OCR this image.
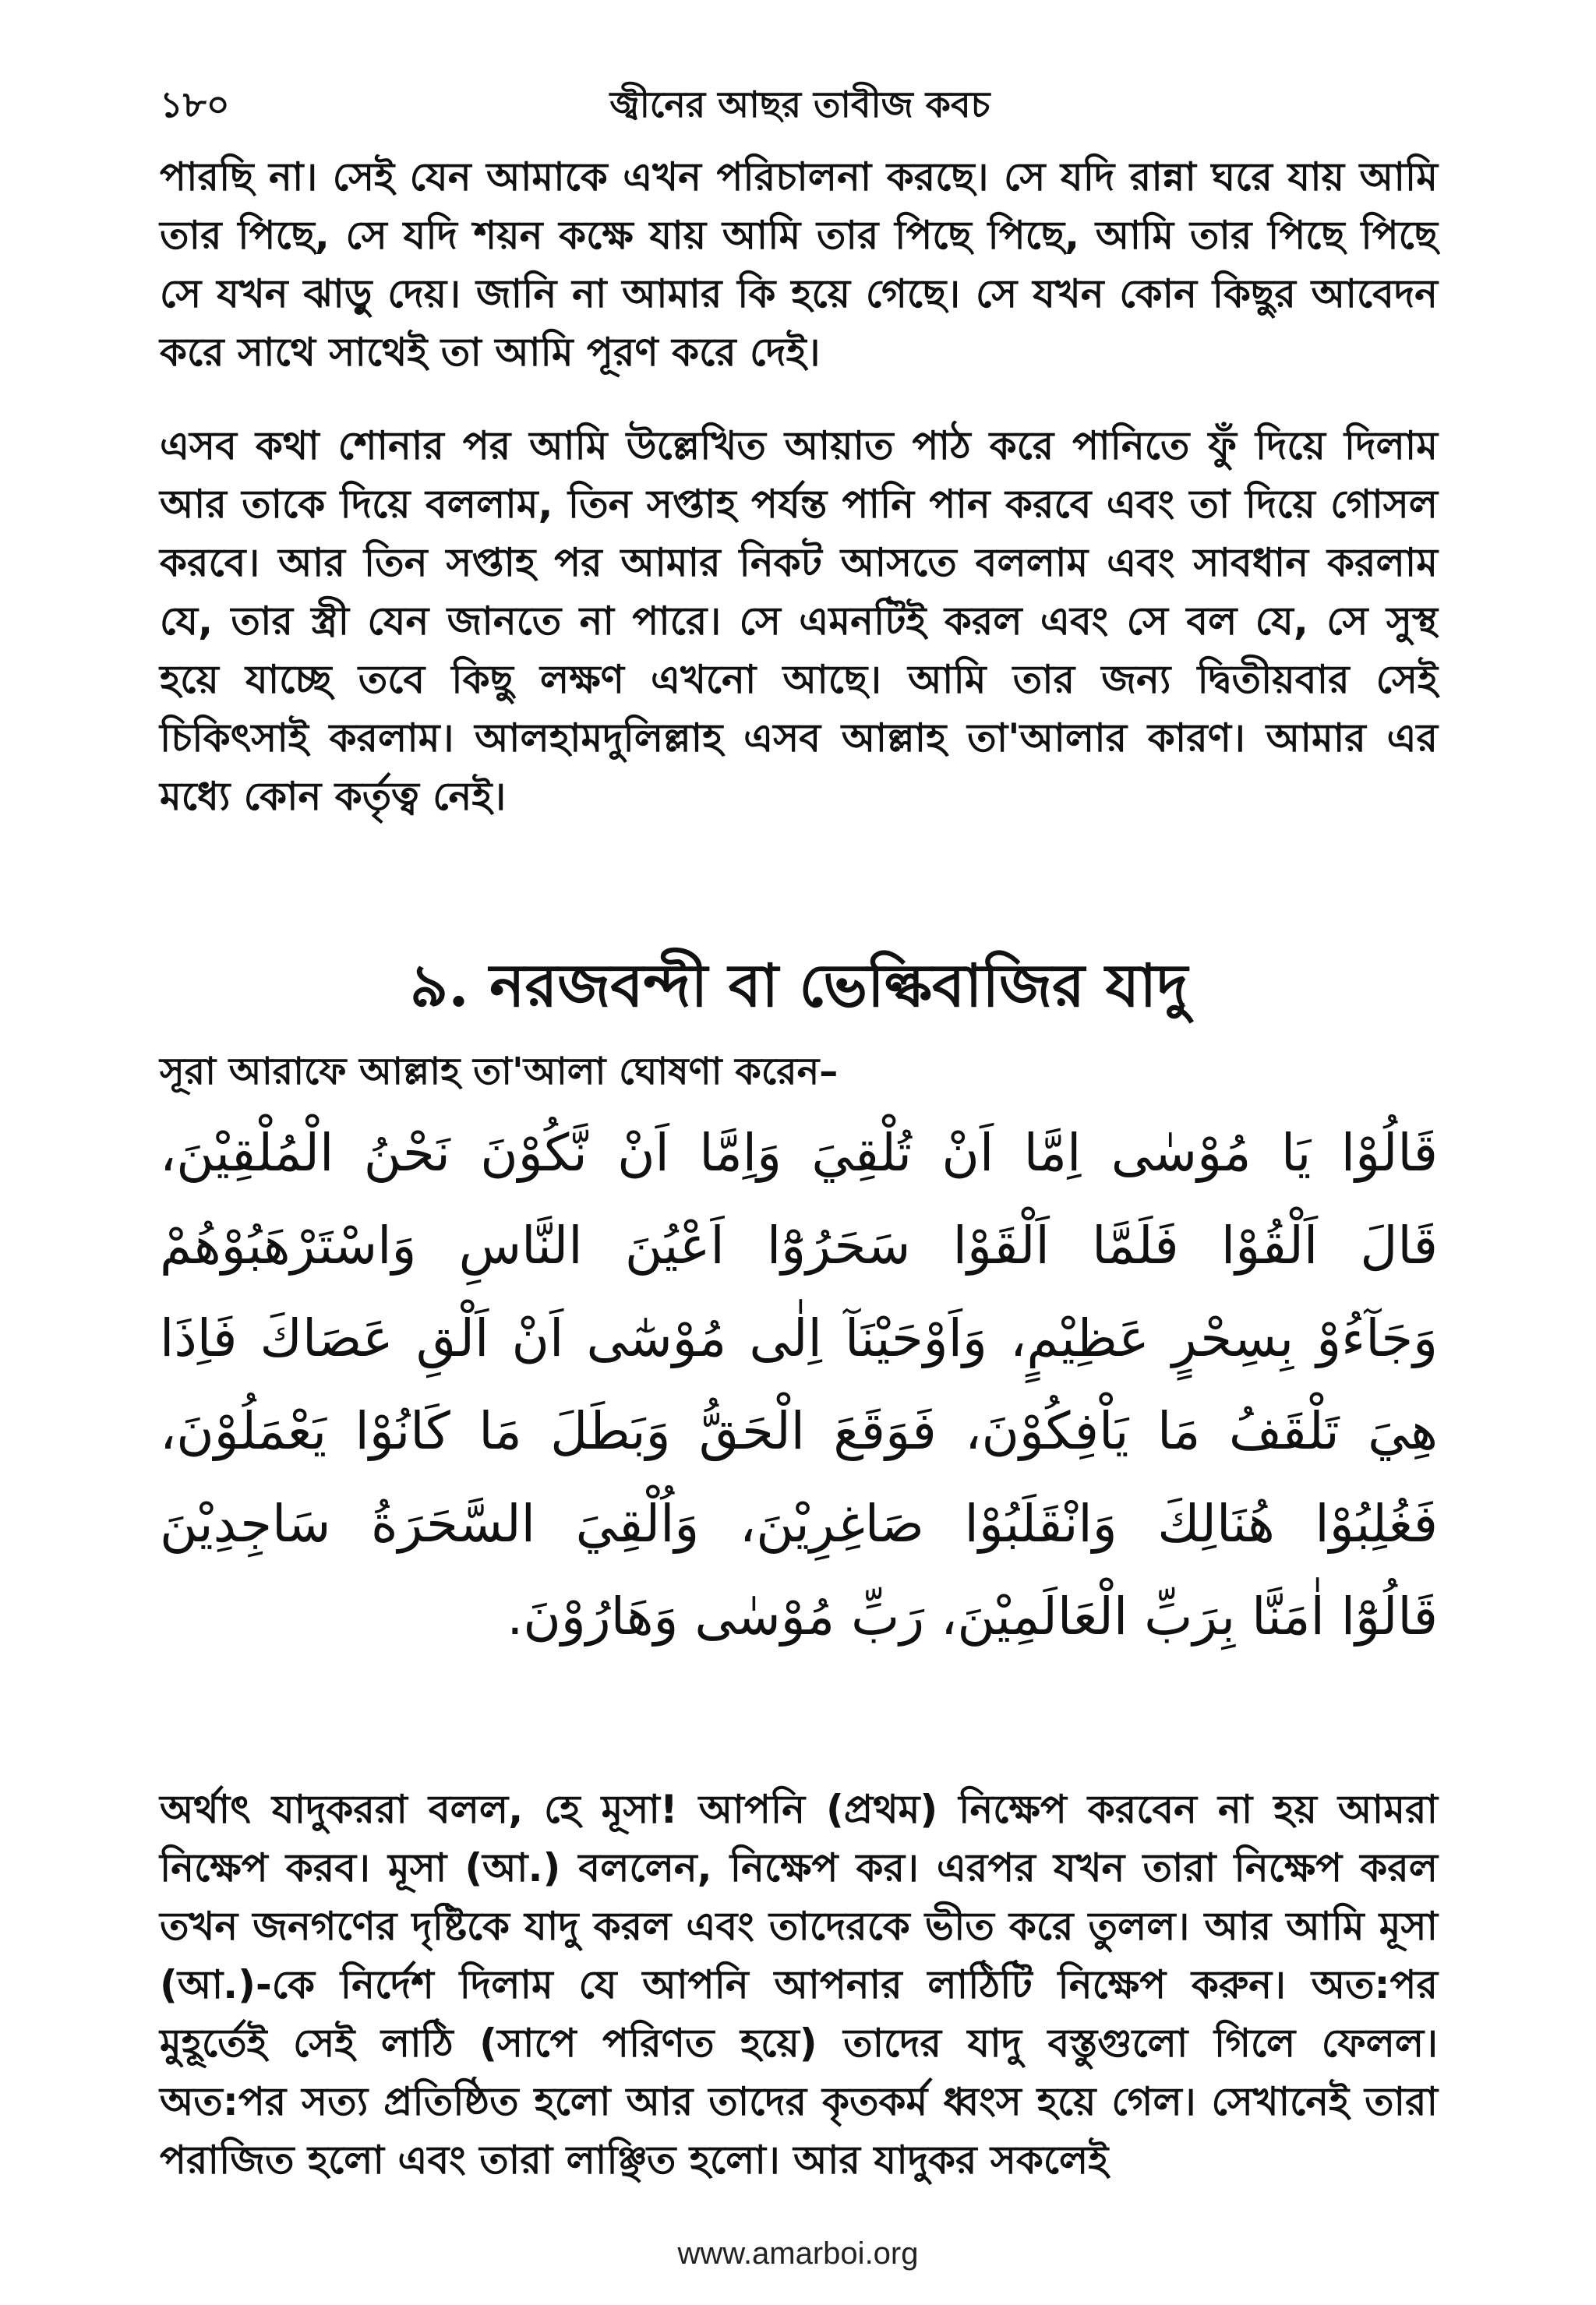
১৮০	জ্বীনের আছর তাবীজ কবচ

পারছি না। সেই যেন আমাকে এখন পরিচালনা করছে। সে যদি রান্না ঘরে যায় আমি তার পিছে, সে যদি শয়ন কক্ষে যায় আমি তার পিছে পিছে, আমি তার পিছে পিছে সে যখন ঝাড়ু দেয়। জানি না আমার কি হয়ে গেছে। সে যখন কোন কিছুর আবেদন করে সাথে সাথেই তা আমি পূরণ করে দেই।

এসব কথা শোনার পর আমি উল্লেখিত আয়াত পাঠ করে পানিতে ফুঁ দিয়ে দিলাম আর তাকে দিয়ে বললাম, তিন সপ্তাহ পর্যন্ত পানি পান করবে এবং তা দিয়ে গোসল করবে। আর তিন সপ্তাহ পর আমার নিকট আসতে বললাম এবং সাবধান করলাম যে, তার স্ত্রী যেন জানতে না পারে। সে এমনটিই করল এবং সে বল যে, সে সুস্থ হয়ে যাচ্ছে তবে কিছু লক্ষণ এখনো আছে। আমি তার জন্য দ্বিতীয়বার সেই চিকিৎসাই করলাম। আলহামদুলিল্লাহ এসব আল্লাহ তা'আলার কারণ। আমার এর মধ্যে কোন কর্তৃত্ব নেই।

৯. নরজবন্দী বা ভেল্কিবাজির যাদু
সূরা আরাফে আল্লাহ তা'আলা ঘোষণা করেন–
قَالُوْا يَا مُوْسٰى اِمَّا اَنْ تُلْقِيَ وَاِمَّا اَنْ نَّكُوْنَ نَحْنُ الْمُلْقِيْنَ،
قَالَ اَلْقُوْا فَلَمَّا اَلْقَوْا سَحَرُوْٓا اَعْيُنَ النَّاسِ وَاسْتَرْهَبُوْهُمْ
وَجَآءُوْ بِسِحْرٍ عَظِيْمٍ، وَاَوْحَيْنَآ اِلٰى مُوْسٰٓى اَنْ اَلْقِ عَصَاكَ فَاِذَا
هِيَ تَلْقَفُ مَا يَاْفِكُوْنَ، فَوَقَعَ الْحَقُّ وَبَطَلَ مَا كَانُوْا يَعْمَلُوْنَ،
فَغُلِبُوْا هُنَالِكَ وَانْقَلَبُوْا صَاغِرِيْنَ، وَاُلْقِيَ السَّحَرَةُ سَاجِدِيْنَ
قَالُوْٓا اٰمَنَّا بِرَبِّ الْعَالَمِيْنَ، رَبِّ مُوْسٰى وَهَارُوْنَ.

অর্থাৎ যাদুকররা বলল, হে মূসা! আপনি (প্রথম) নিক্ষেপ করবেন না হয় আমরা নিক্ষেপ করব। মূসা (আ.) বললেন, নিক্ষেপ কর। এরপর যখন তারা নিক্ষেপ করল তখন জনগণের দৃষ্টিকে যাদু করল এবং তাদেরকে ভীত করে তুলল। আর আমি মূসা (আ.)-কে নির্দেশ দিলাম যে আপনি আপনার লাঠিটি নিক্ষেপ করুন। অত:পর মুহূর্তেই সেই লাঠি (সাপে পরিণত হয়ে) তাদের যাদু বস্তুগুলো গিলে ফেলল। অত:পর সত্য প্রতিষ্ঠিত হলো আর তাদের কৃতকর্ম ধ্বংস হয়ে গেল। সেখানেই তারা পরাজিত হলো এবং তারা লাঞ্ছিত হলো। আর যাদুকর সকলেই

www.amarboi.org
